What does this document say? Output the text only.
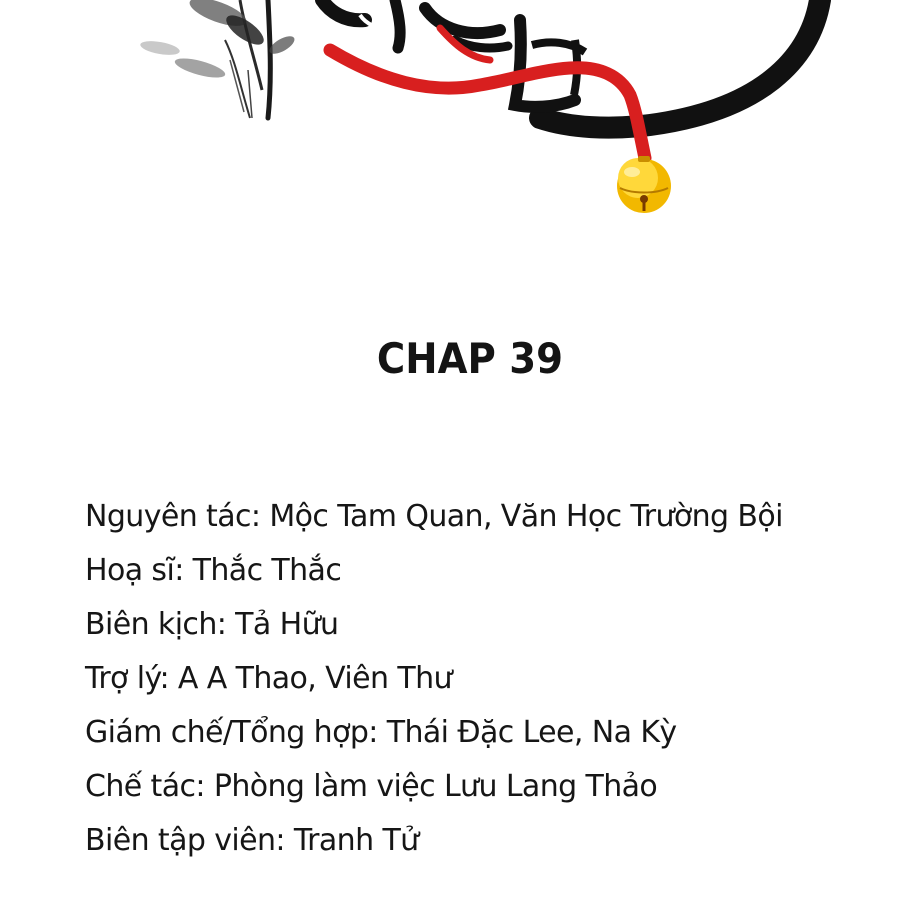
CHAP 39
Nguyên tác: Mộc Tam Quan, Văn Học Trường Bội
Hoạ sĩ: Thắc Thắc
Biên kịch: Tả Hữu
Trợ lý: A A Thao, Viên Thư
Giám chế/Tổng hợp: Thái Đặc Lee, Na Kỳ
Chế tác: Phòng làm việc Lưu Lang Thảo
Biên tập viên: Tranh Tử
